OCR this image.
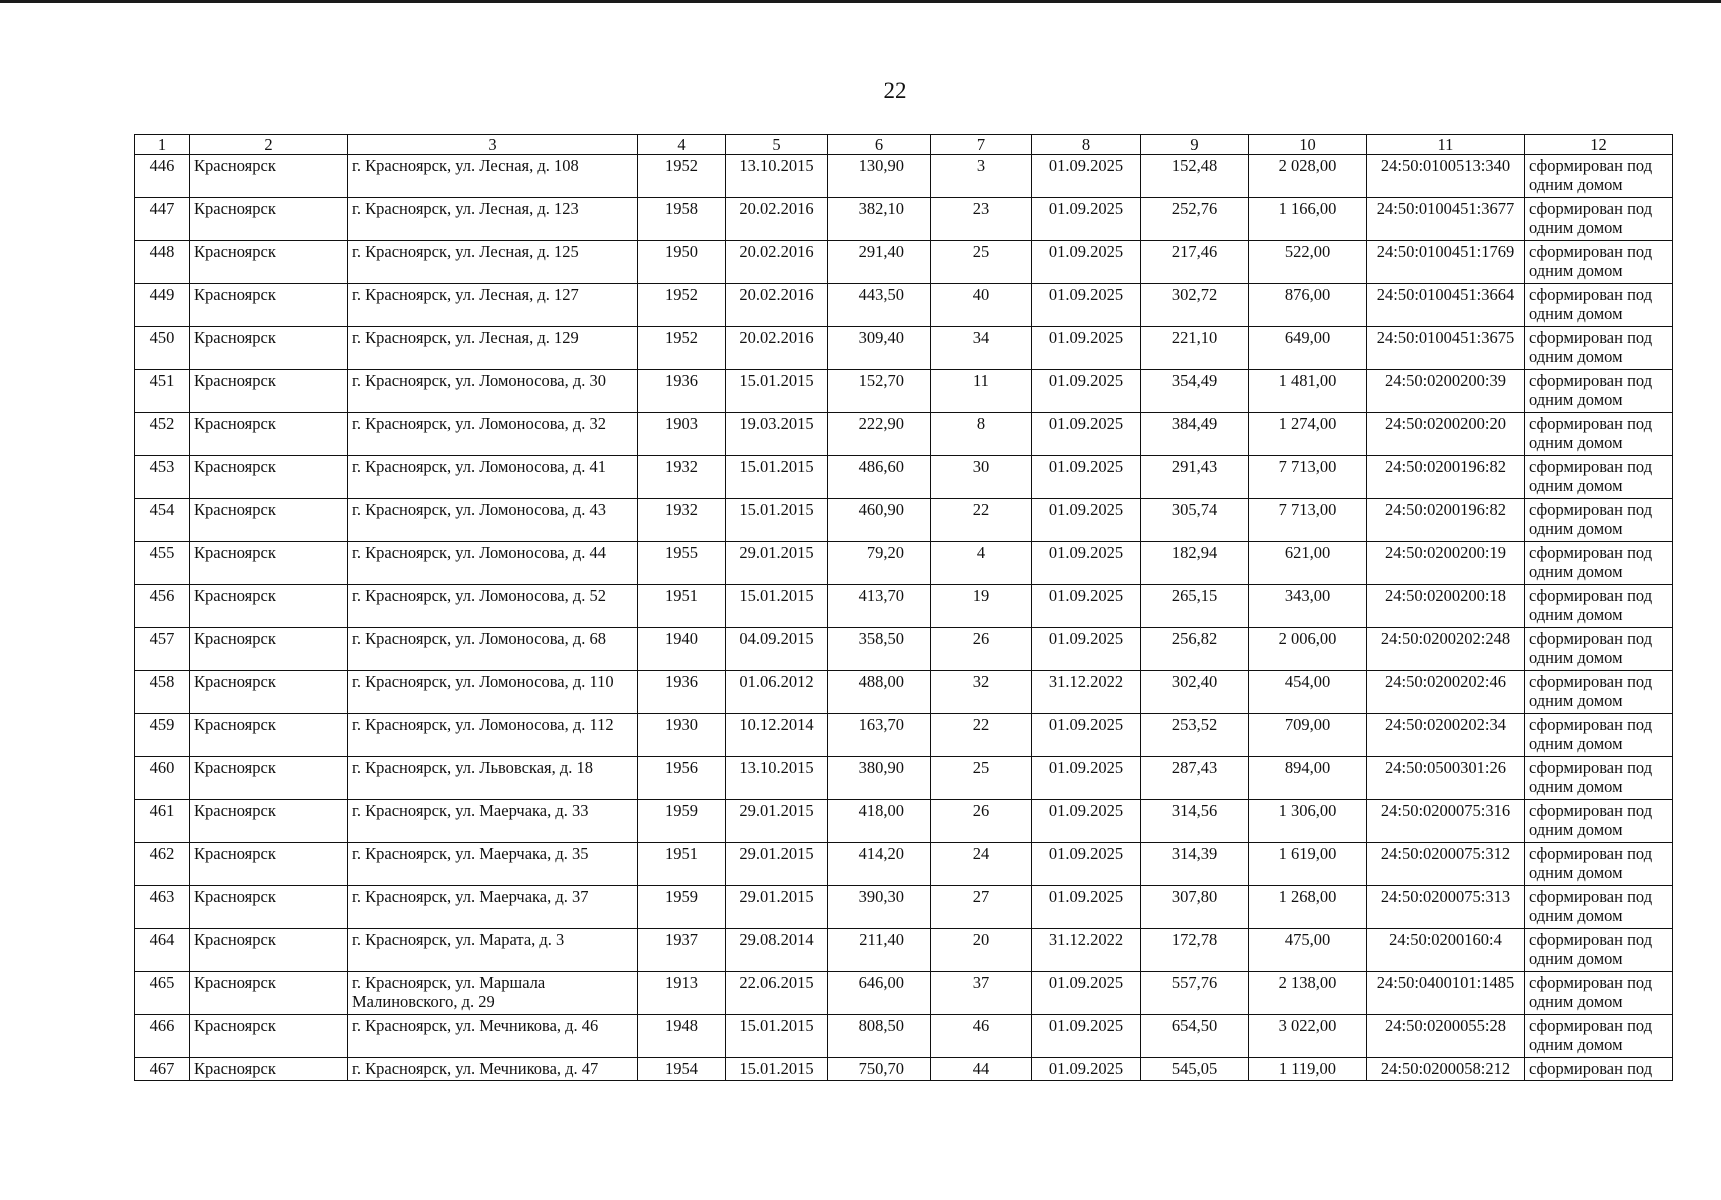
22
1	2	3	4	5	6	7	8	9	10	11	12
446	Красноярск	г. Красноярск, ул. Лесная, д. 108	1952	13.10.2015	130,90	3	01.09.2025	152,48	2 028,00	24:50:0100513:340	сформирован под одним домом
447	Красноярск	г. Красноярск, ул. Лесная, д. 123	1958	20.02.2016	382,10	23	01.09.2025	252,76	1 166,00	24:50:0100451:3677	сформирован под одним домом
448	Красноярск	г. Красноярск, ул. Лесная, д. 125	1950	20.02.2016	291,40	25	01.09.2025	217,46	522,00	24:50:0100451:1769	сформирован под одним домом
449	Красноярск	г. Красноярск, ул. Лесная, д. 127	1952	20.02.2016	443,50	40	01.09.2025	302,72	876,00	24:50:0100451:3664	сформирован под одним домом
450	Красноярск	г. Красноярск, ул. Лесная, д. 129	1952	20.02.2016	309,40	34	01.09.2025	221,10	649,00	24:50:0100451:3675	сформирован под одним домом
451	Красноярск	г. Красноярск, ул. Ломоносова, д. 30	1936	15.01.2015	152,70	11	01.09.2025	354,49	1 481,00	24:50:0200200:39	сформирован под одним домом
452	Красноярск	г. Красноярск, ул. Ломоносова, д. 32	1903	19.03.2015	222,90	8	01.09.2025	384,49	1 274,00	24:50:0200200:20	сформирован под одним домом
453	Красноярск	г. Красноярск, ул. Ломоносова, д. 41	1932	15.01.2015	486,60	30	01.09.2025	291,43	7 713,00	24:50:0200196:82	сформирован под одним домом
454	Красноярск	г. Красноярск, ул. Ломоносова, д. 43	1932	15.01.2015	460,90	22	01.09.2025	305,74	7 713,00	24:50:0200196:82	сформирован под одним домом
455	Красноярск	г. Красноярск, ул. Ломоносова, д. 44	1955	29.01.2015	79,20	4	01.09.2025	182,94	621,00	24:50:0200200:19	сформирован под одним домом
456	Красноярск	г. Красноярск, ул. Ломоносова, д. 52	1951	15.01.2015	413,70	19	01.09.2025	265,15	343,00	24:50:0200200:18	сформирован под одним домом
457	Красноярск	г. Красноярск, ул. Ломоносова, д. 68	1940	04.09.2015	358,50	26	01.09.2025	256,82	2 006,00	24:50:0200202:248	сформирован под одним домом
458	Красноярск	г. Красноярск, ул. Ломоносова, д. 110	1936	01.06.2012	488,00	32	31.12.2022	302,40	454,00	24:50:0200202:46	сформирован под одним домом
459	Красноярск	г. Красноярск, ул. Ломоносова, д. 112	1930	10.12.2014	163,70	22	01.09.2025	253,52	709,00	24:50:0200202:34	сформирован под одним домом
460	Красноярск	г. Красноярск, ул. Львовская, д. 18	1956	13.10.2015	380,90	25	01.09.2025	287,43	894,00	24:50:0500301:26	сформирован под одним домом
461	Красноярск	г. Красноярск, ул. Маерчака, д. 33	1959	29.01.2015	418,00	26	01.09.2025	314,56	1 306,00	24:50:0200075:316	сформирован под одним домом
462	Красноярск	г. Красноярск, ул. Маерчака, д. 35	1951	29.01.2015	414,20	24	01.09.2025	314,39	1 619,00	24:50:0200075:312	сформирован под одним домом
463	Красноярск	г. Красноярск, ул. Маерчака, д. 37	1959	29.01.2015	390,30	27	01.09.2025	307,80	1 268,00	24:50:0200075:313	сформирован под одним домом
464	Красноярск	г. Красноярск, ул. Марата, д. 3	1937	29.08.2014	211,40	20	31.12.2022	172,78	475,00	24:50:0200160:4	сформирован под одним домом
465	Красноярск	г. Красноярск, ул. Маршала Малиновского, д. 29	1913	22.06.2015	646,00	37	01.09.2025	557,76	2 138,00	24:50:0400101:1485	сформирован под одним домом
466	Красноярск	г. Красноярск, ул. Мечникова, д. 46	1948	15.01.2015	808,50	46	01.09.2025	654,50	3 022,00	24:50:0200055:28	сформирован под одним домом
467	Красноярск	г. Красноярск, ул. Мечникова, д. 47	1954	15.01.2015	750,70	44	01.09.2025	545,05	1 119,00	24:50:0200058:212	сформирован под
